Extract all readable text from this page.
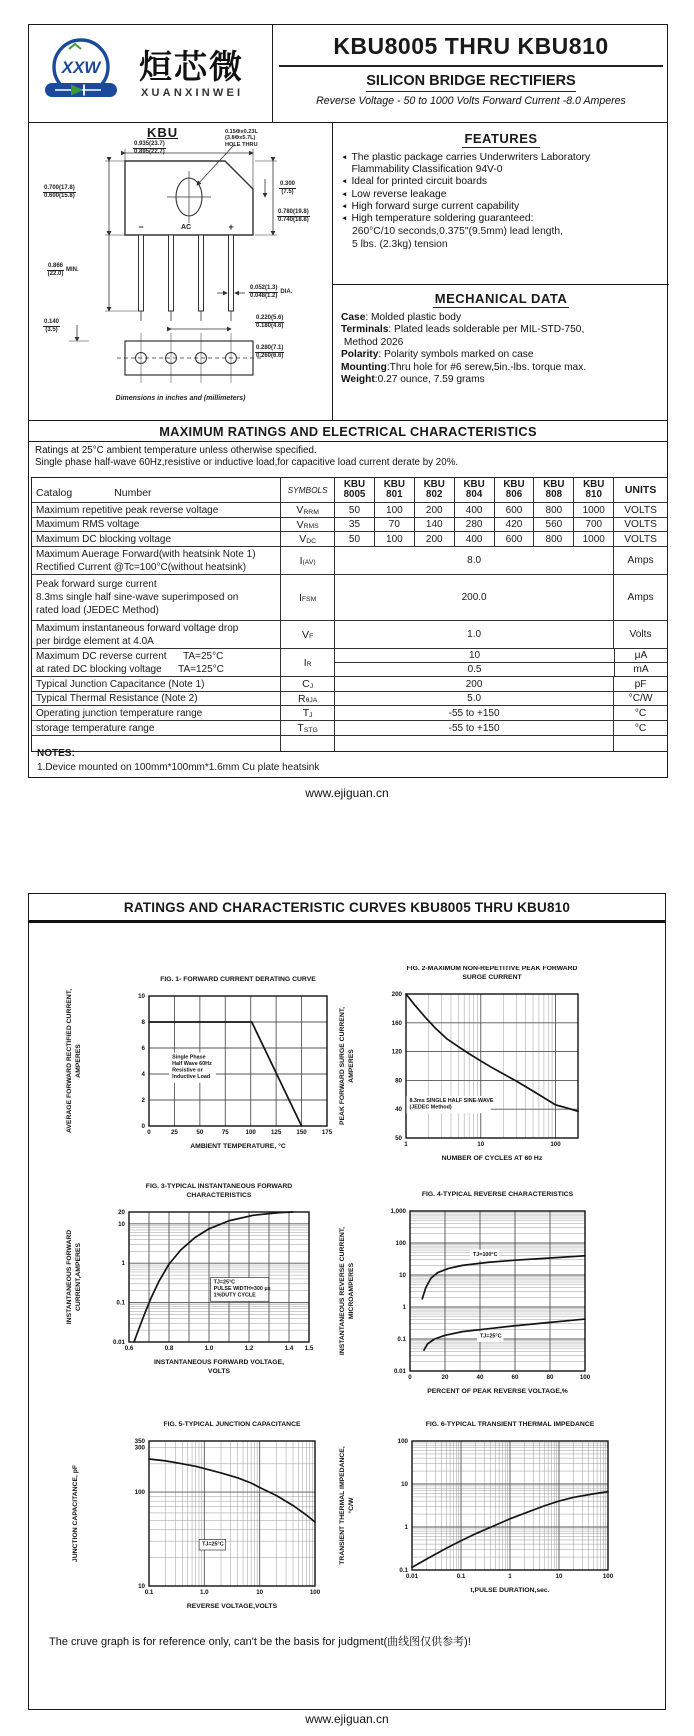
XXW 烜芯微
XUANXINWEI
KBU8005 THRU KBU810
SILICON BRIDGE RECTIFIERS
Reverse Voltage - 50 to 1000 Volts Forward Current -8.0 Amperes
KBU
−	AC	+
$\frac{0.935(23.7)}{0.895(22.7)}$
0.15Φx0.23L
(3.8Φx5.7L)
HOLE THRU
$\frac{0.300}{(7.5)}$
$\frac{0.700(17.8)}{0.600(15.8)}$
$\frac{0.780(19.8)}{0.740(18.8)}$
$\frac{0.866}{(22.0)}$ MIN.
$\frac{0.052(1.3)}{0.048(1.2)}$ DIA.
$\frac{0.140}{(3.5)}$	$\frac{0.220(5.6)}{0.180(4.6)}$
$\frac{0.280(7.1)}{0.260(6.6)}$
Dimensions in inches and (millimeters)
FEATURES
◄ The plastic package carries Underwriters Laboratory
Flammability Classification 94V-0
◄ Ideal for printed circuit boards
◄ Low reverse leakage
◄ High forward surge current capability
◄ High temperature soldering guaranteed:
260°C/10 seconds,0.375"(9.5mm) lead length,
5 lbs. (2.3kg) tension
MECHANICAL DATA
Case: Molded plastic body
Terminals: Plated leads solderable per MIL-STD-750,
Method 2026
Polarity: Polarity symbols marked on case
Mounting:Thru hole for #6 serew,5in.-lbs. torque max.
Weight:0.27 ounce, 7.59 grams
MAXIMUM RATINGS AND ELECTRICAL CHARACTERISTICS
Ratings at 25°C ambient temperature unless otherwise specified.
Single phase half-wave 60Hz,resistive or inductive load,for capacitive load current derate by 20%.
Catalog	Number	SYMBOLS
KBU
8005
KBU
801
KBU
802
KBU
804
KBU
806
KBU
808
KBU
810	UNITS
Maximum repetitive peak reverse voltage	V RRM	50	100	200	400	600	800	1000	VOLTS
Maximum RMS voltage	V RMS	35	70	140	280	420	560	700	VOLTS
Maximum DC blocking voltage	V DC	50	100	200	400	600	800	1000	VOLTS
Maximum Auerage Forward(with heatsink Note 1)
Rectified Current @Tc=100°C(without heatsink)
I (AV)	8.0	Amps
Peak forward surge current
8.3ms single half sine-wave superimposed on
rated load (JEDEC Method)
I FSM	200.0	Amps
Maximum instantaneous forward voltage drop
per birdge element at 4.0A
V F	1.0	Volts
Maximum DC reverse current      TA=25°C
at rated DC blocking voltage      TA=125°C
I R
10	μA
0.5	mA
Typical Junction Capacitance (Note 1)	C J	200	pF
Typical Thermal Resistance (Note 2)	R θJA	5.0	°C/W
Operating junction temperature range	T J	-55 to +150	°C
storage temperature range	T STG	-55 to +150	°C
NOTES:
1.Device mounted on 100mm*100mm*1.6mm Cu plate heatsink
www.ejiguan.cn
RATINGS AND CHARACTERISTIC CURVES KBU8005 THRU KBU810
Single Phase
Half Wave 60Hz
Resistive or
Inductive Load
0	25	50	75	100 125 150 175
0
2
4
6
8
10
FIG. 1- FORWARD CURRENT DERATING CURVE
AMBIENT TEMPERATURE, °C
AVERAGE FORWARD RECTIFIED CURRENT, AMPERES
8.3ms SINGLE HALF SINE-WAVE
(JEDEC Method)
1	10	100
50
40
80
120
160
200
FIG. 2-MAXIMUM NON-REPETITIVE PEAK FORWARD
SURGE CURRENT
NUMBER OF CYCLES AT 60 Hz
PEAK FORWARD SURGE CURRENT, AMPERES
TJ=25°C
PULSE WIDTH=300 μs
1%DUTY CYCLE
0.6	0.8	1.0	1.2	1.4 1.5
0.01
0.1
1
10
20
FIG. 3-TYPICAL INSTANTANEOUS FORWARD
CHARACTERISTICS
INSTANTANEOUS FORWARD VOLTAGE,
VOLTS
INSTANTANEOUS FORWARD CURRENT,AMPERES	TJ=100°C
TJ=25°C
0	20	40	60	80	100
0.01
0.1
1
10
100
1,000
FIG. 4-TYPICAL REVERSE CHARACTERISTICS
PERCENT OF PEAK REVERSE VOLTAGE,%
INSTANTANEOUS REVERSE CURRENT, MICROAMPERES
TJ=25°C
0.1	1.0	10	100
10
100
300
350
FIG. 5-TYPICAL JUNCTION CAPACITANCE
REVERSE VOLTAGE,VOLTS
JUNCTION CAPACITANCE, pF
0.01	0.1	1	10	100
0.1
1
10
100
FIG. 6-TYPICAL TRANSIENT THERMAL IMPEDANCE
t,PULSE DURATION,sec.
TRANSIENT THERMAL IMPEDANCE, °C/W
The cruve graph is for reference only, can't be the basis for judgment(曲线图仅供参考)!
www.ejiguan.cn
